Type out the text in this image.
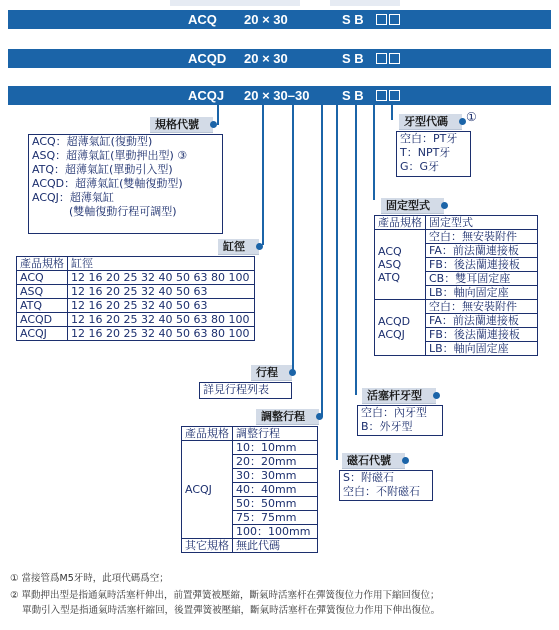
ACQ 20 × 30	S B
ACQD 20 × 30	S B
ACQJ 20 × 30–30	S B
規格代號
ACQ：超薄氣缸(復動型)
ASQ：超薄氣缸(單動押出型) ③
ATQ：超薄氣缸(單動引入型)
ACQD：超薄氣缸(雙軸復動型)
ACQJ：超薄氣缸
(雙軸復動行程可調型)
缸徑
產品規格	缸徑
ACQ	12 16 20 25 32 40 50 63 80 100
ASQ	12 16 20 25 32 40 50 63
ATQ	12 16 20 25 32 40 50 63
ACQD	12 16 20 25 32 40 50 63 80 100
ACQJ	12 16 20 25 32 40 50 63 80 100
行程
詳見行程列表
調整行程
產品規格	調整行程
ACQJ	10：10mm
	20：20mm
	30：30mm
	40：40mm
	50：50mm
	75：75mm
	100：100mm
其它規格	無此代碼
牙型代碼	①
空白：PT牙
T：NPT牙
G：G牙
固定型式
產品規格	固定型式

ACQ
ASQ
ATQ	空白：無安裝附件
	FA：前法蘭連接板
	FB：後法蘭連接板
	CB：雙耳固定座
	LB：軸向固定座

ACQD
ACQJ	空白：無安裝附件
	FA：前法蘭連接板
	FB：後法蘭連接板
	LB：軸向固定座
活塞杆牙型
空白：內牙型
B：外牙型
磁石代號
S：附磁石
空白：不附磁石
① 當接管爲M5牙時，此項代碼爲空；
② 單動押出型是指通氣時活塞杆伸出，前置彈簧被壓縮，斷氣時活塞杆在彈簧復位力作用下縮回復位；
單動引入型是指通氣時活塞杆縮回，後置彈簧被壓縮，斷氣時活塞杆在彈簧復位力作用下伸出復位。
